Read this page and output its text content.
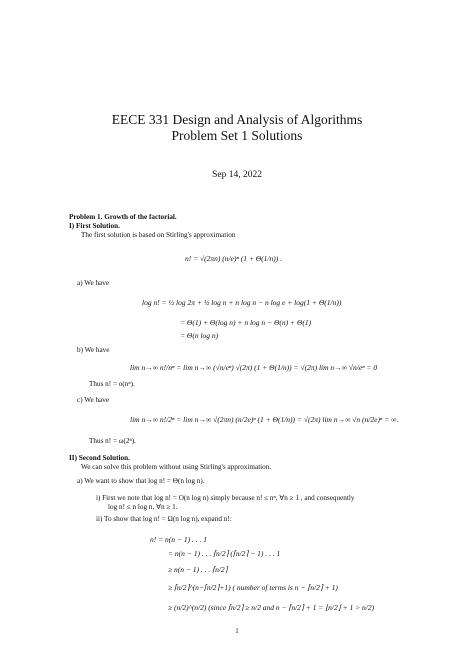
EECE 331 Design and Analysis of Algorithms
Problem Set 1 Solutions
Sep 14, 2022
Problem 1. Growth of the factorial.
I) First Solution.
The first solution is based on Stirling's approximation
n! = √(2πn) (n/e)ⁿ (1 + Θ(1/n)) .
a) We have
log n! = ½ log 2π + ½ log n + n log n − n log e + log(1 + Θ(1/n))
= Θ(1) + Θ(log n) + n log n − Θ(n) + Θ(1)
= Θ(n log n)
b) We have
lim n→∞ n!/nⁿ = lim n→∞ (√n/eⁿ) √(2π) (1 + Θ(1/n)) = √(2π) lim n→∞ √n/eⁿ = 0
Thus n! = o(nⁿ).
c) We have
lim n→∞ n!/2ⁿ = lim n→∞ √(2πn) (n/2e)ⁿ (1 + Θ(1/n)) = √(2π) lim n→∞ √n (n/2e)ⁿ = ∞.
Thus n! = ω(2ⁿ).
II) Second Solution.
We can solve this problem without using Stirling's approximation.
a) We want to show that log n! = Θ(n log n).
i) First we note that log n! = O(n log n) simply because n! ≤ nⁿ, ∀n ≥ 1 , and consequently
log n! ≤ n log n, ∀n ≥ 1.
ii) To show that log n! = Ω(n log n), expand n!:
n! = n(n − 1) . . . 1
= n(n − 1) . . . ⌈n/2⌉ (⌈n/2⌉ − 1) . . . 1
≥ n(n − 1) . . . ⌈n/2⌉
≥ ⌈n/2⌉^(n−⌈n/2⌉+1) ( number of terms is n − ⌈n/2⌉ + 1)
≥ (n/2)^(n/2) (since ⌈n/2⌉ ≥ n/2 and n − ⌈n/2⌉ + 1 = ⌊n/2⌋ + 1 > n/2)
1
